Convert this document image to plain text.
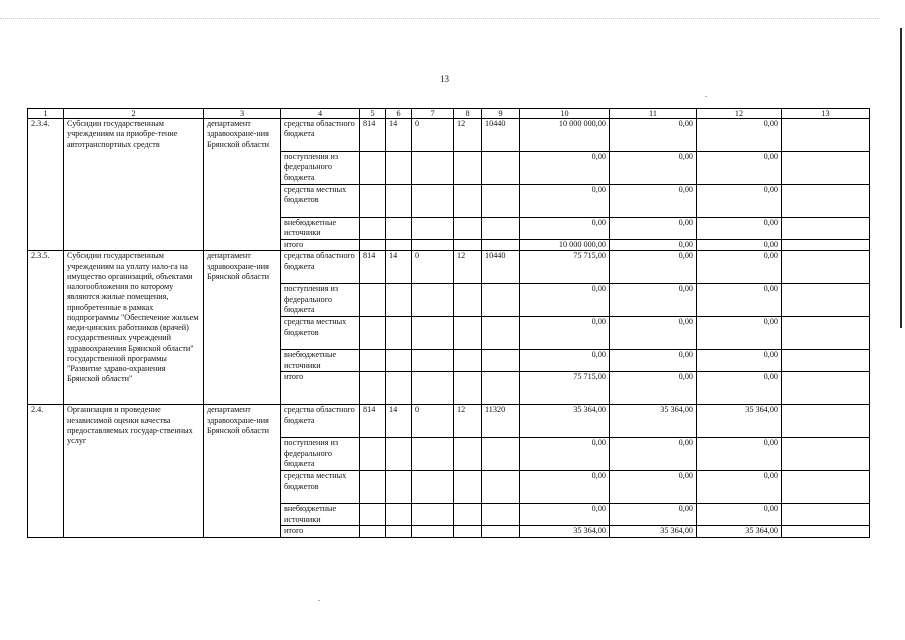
13
1	2	3	4	5	6	7	8	9	10	11	12	13
2.3.4.	Субсидии государственным учреждениям на приобре-тение автотранспортных средств	департамент здравоохране-ния Брянской области	средства областного бюджета	814	14	0	12	10440	10 000 000,00	0,00	0,00	
			поступления из федерального бюджета						0,00	0,00	0,00	
			средства местных бюджетов						0,00	0,00	0,00	
			внебюджетные источники						0,00	0,00	0,00	
			итого						10 000 000,00	0,00	0,00	
2.3.5.	Субсидии государственным учреждениям на уплату нало-га на имущество организаций, объектами налогообложения по которому являются жилые помещения, приобретенные в рамках подпрограммы "Обеспечение жильем меди-цинских работников (врачей) государственных учреждений здравоохранения Брянской области" государственной программы "Развитие здраво-охранения Брянской области"	департамент здравоохране-ния Брянской области	средства областного бюджета	814	14	0	12	10440	75 715,00	0,00	0,00	
			поступления из федерального бюджета						0,00	0,00	0,00	
			средства местных бюджетов						0,00	0,00	0,00	
			внебюджетные источники						0,00	0,00	0,00	
			итого						75 715,00	0,00	0,00	
2.4.	Организация и проведение независимой оценки качества предоставляемых государ-ственных услуг	департамент здравоохране-ния Брянской области	средства областного бюджета	814	14	0	12	11320	35 364,00	35 364,00	35 364,00	
			поступления из федерального бюджета						0,00	0,00	0,00	
			средства местных бюджетов						0,00	0,00	0,00	
			внебюджетные источники						0,00	0,00	0,00	
			итого						35 364,00	35 364,00	35 364,00	
